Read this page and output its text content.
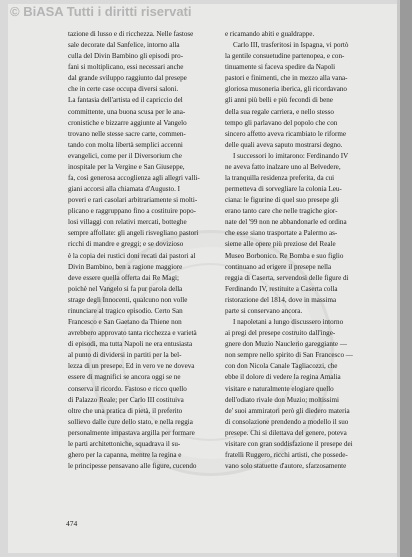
© BiASA Tutti i diritti riservati
tazione di lusso e di ricchezza. Nelle fastose
sale decorate dal Sanfelice, intorno alla
culla del Divin Bambino gli episodi pro-
fani si moltiplicano, essi necessari anche
dal grande sviluppo raggiunto dal presepe
che in certe case occupa diversi saloni.
La fantasia dell'artista ed il capriccio del
committente, una buona scusa per le ana-
cronistiche e bizzarre aggiunte al Vangelo
trovano nelle stesse sacre carte, commen-
tando con molta libertà semplici accenni
evangelici, come per il Diversorium che
inospitale per la Vergine e San Giuseppe,
fa, così generosa accoglienza agli allegri valli-
giani accorsi alla chiamata d'Augusto. I
poveri e rari casolari arbitrariamente si molti-
plicano e raggruppano fino a costituire popo-
losi villaggi con relativi mercati, botteghe
sempre affollate: gli angeli risvegliano pastori
ricchi di mandre e greggi; e se dovizioso
è la copia dei rustici doni recati dai pastori al
Divin Bambino, ben a ragione maggiore
deve essere quella offerta dai Re Magi;
poichè nel Vangelo si fa pur parola della
strage degli Innocenti, qualcuno non volle
rinunciare al tragico episodio. Certo San
Francesco e San Gaetano da Thiene non
avrebbero approvato tanta ricchezza e varietà
di episodi, ma tutta Napoli ne era entusiasta
al punto di dividersi in partiti per la bel-
lezza di un presepe. Ed in vero ve ne doveva
essere di magnifici se ancora oggi se ne
conserva il ricordo. Fastoso e ricco quello
di Palazzo Reale; per Carlo III costituiva
oltre che una pratica di pietà, il preferito
sollievo dalle cure dello stato, e nella reggia
personalmente impastava argilla per formare
le parti architettoniche, squadrava il su-
ghero per la capanna, mentre la regina e
le principesse pensavano alle figure, cucendo
e ricamando abiti e gualdrappe.
Carlo III, trasferitosi in Ispagna, vi portò
la gentile consuetudine partenopea, e con-
tinuamente si faceva spedire da Napoli
pastori e finimenti, che in mezzo alla vana-
gloriosa musoneria iberica, gli ricordavano
gli anni più belli e più fecondi di bene
della sua regale carriera, e nello stesso
tempo gli parlavano del popolo che con
sincero affetto aveva ricambiato le riforme
delle quali aveva saputo mostrarsi degno.
I successori lo imitarono: Ferdinando IV
ne aveva fatto inalzare uno al Belvedere,
la tranquilla residenza preferita, da cui
permetteva di sorvegliare la colonia Leu-
ciana: le figurine di quel suo presepe gli
erano tanto care che nelle tragiche gior-
nate del '99 non ne abbandonarle ed ordina
che esse siano trasportate a Palermo as-
sieme alle opere più preziose del Reale
Museo Borbonico. Re Bomba e suo figlio
continuano ad erigere il presepe nella
reggia di Caserta, servendosi delle figure di
Ferdinando IV, restituite a Caserta colla
ristorazione del 1814, dove in massima
parte si conservano ancora.
I napoletani a lungo discussero intorno
ai pregi del presepe costruito dall'inge-
gnere don Muzio Nauclerio gareggiante —
non sempre nello spirito di San Francesco —
con don Nicola Canale Tagliacozzi, che
ebbe il dolore di vedere la regina Amalia
visitare e naturalmente elogiare quello
dell'odiato rivale don Muzio; moltissimi
de' suoi ammiratori però gli diedero materia
di consolazione prendendo a modello il suo
presepe. Chi si dilettava del genere, poteva
visitare con gran soddisfazione il presepe dei
fratelli Ruggero, ricchi artisti, che possede-
vano solo statuette d'autore, sfarzosamente
474
